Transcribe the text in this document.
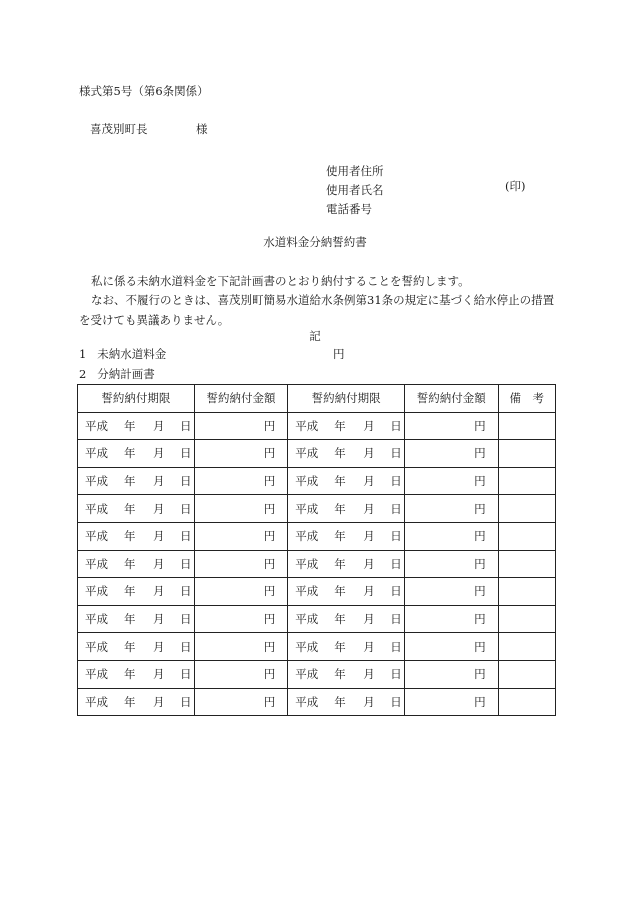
様式第5号（第6条関係）
喜茂別町長	様
使用者住所
使用者氏名
電話番号
(印)
水道料金分納誓約書
私に係る未納水道料金を下記計画書のとおり納付することを誓約します。
なお、不履行のときは、喜茂別町簡易水道給水条例第31条の規定に基づく給水停止の措置を受けても異議ありません。
記
1 未納水道料金	円
2 分納計画書
誓約納付期限	誓約納付金額	誓約納付期限	誓約納付金額	備　考

平成 年 月 日	円	平成 年 月 日	円	

平成 年 月 日	円	平成 年 月 日	円	

平成 年 月 日	円	平成 年 月 日	円	

平成 年 月 日	円	平成 年 月 日	円	

平成 年 月 日	円	平成 年 月 日	円	

平成 年 月 日	円	平成 年 月 日	円	

平成 年 月 日	円	平成 年 月 日	円	

平成 年 月 日	円	平成 年 月 日	円	

平成 年 月 日	円	平成 年 月 日	円	

平成 年 月 日	円	平成 年 月 日	円	

平成 年 月 日	円	平成 年 月 日	円	
